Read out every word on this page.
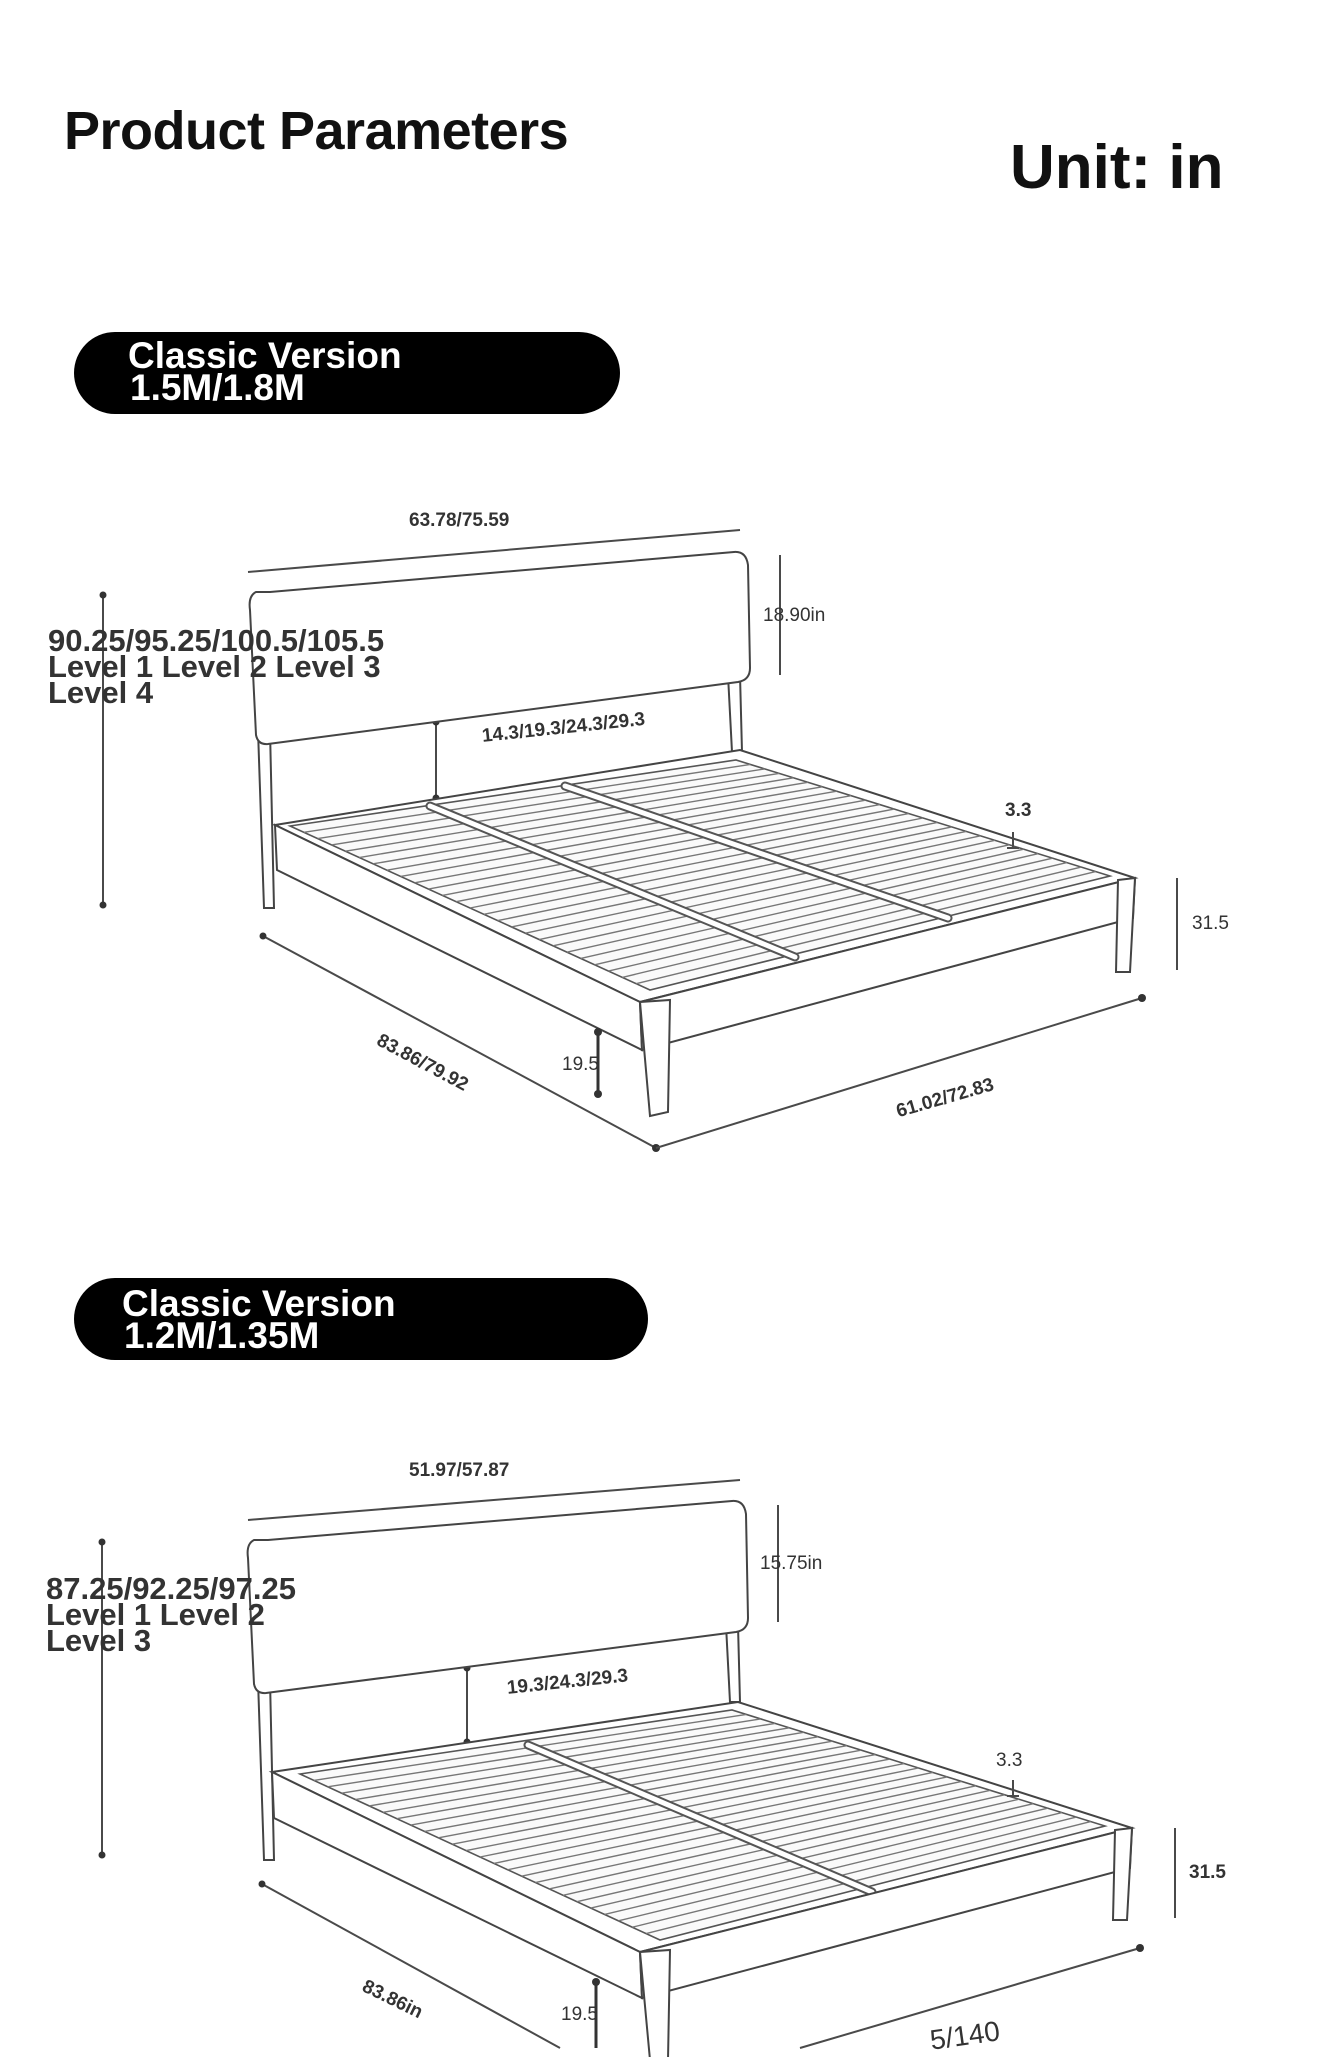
Product Parameters
Unit: in
Classic Version
1.5M/1.8M
63.78/75.59
18.90in
90.25/95.25/100.5/105.5
Level 1 Level 2 Level 3
Level 4
14.3/19.3/24.3/29.3
3.3
31.5
19.5
83.86/79.92
61.02/72.83
Classic Version
1.2M/1.35M
51.97/57.87
15.75in
87.25/92.25/97.25
Level 1 Level 2
Level 3
19.3/24.3/29.3
3.3
31.5
19.5
83.86in
5/140
